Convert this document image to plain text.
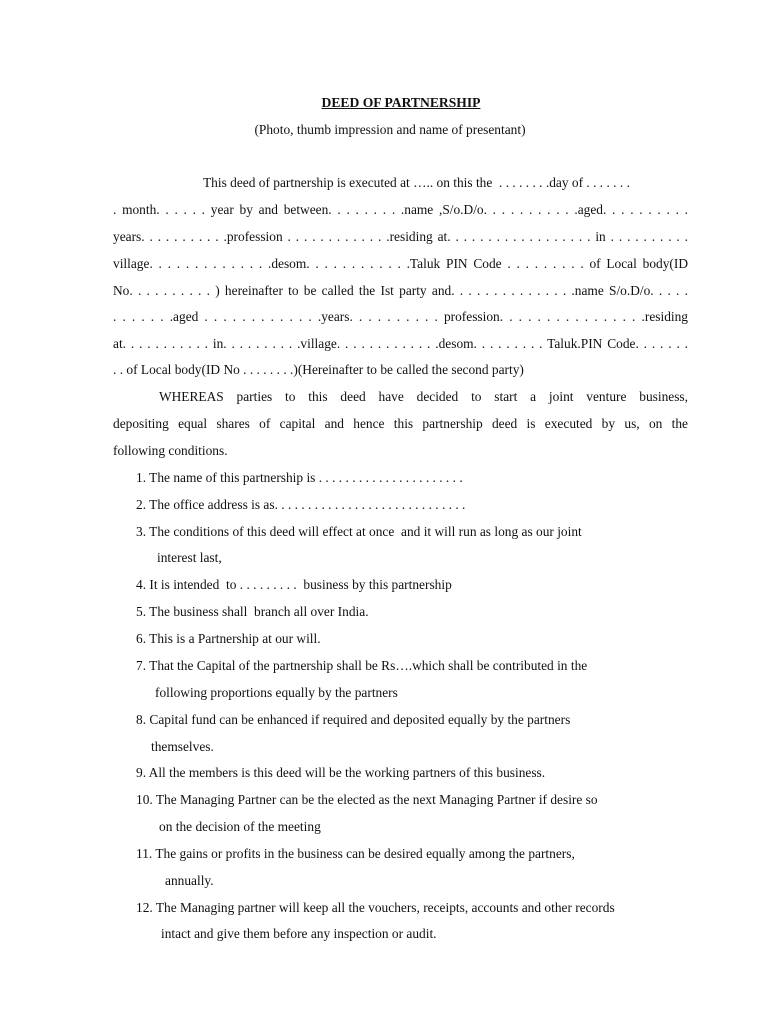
DEED OF PARTNERSHIP
(Photo, thumb impression and name of presentant)
This deed of partnership is executed at ….. on this the  . . . . . . . .day of . . . . . . .
. month. . . . . . year by and between. . . . . . . . .name ,S/o.D/o. . . . . . . . . . .aged. . . . . . . . . .
years. . . . . . . . . . .profession . . . . . . . . . . . . .residing at. . . . . . . . . . . . . . . . . . in . . . . . . . . . .
village. . . . . . . . . . . . . .desom. . . . . . . . . . . .Taluk PIN Code . . . . . . . . . of Local body(ID
No. . . . . . . . . . ) hereinafter to be called the Ist party and. . . . . . . . . . . . . . .name S/o.D/o. . . . .
. . . . . . .aged . . . . . . . . . . . . .years. . . . . . . . . . profession. . . . . . . . . . . . . . . .residing
at. . . . . . . . . . . in. . . . . . . . . .village. . . . . . . . . . . . .desom. . . . . . . . . Taluk.PIN Code. . . . . . .
. . of Local body(ID No . . . . . . . .)(Hereinafter to be called the second party)
WHEREAS parties to this deed have decided to start a joint venture business,
depositing equal shares of capital and hence this partnership deed is executed by us, on the
following conditions.
1. The name of this partnership is . . . . . . . . . . . . . . . . . . . . . .
2. The office address is as. . . . . . . . . . . . . . . . . . . . . . . . . . . . .
3. The conditions of this deed will effect at once  and it will run as long as our joint
interest last,
4. It is intended  to . . . . . . . . .  business by this partnership
5. The business shall  branch all over India.
6. This is a Partnership at our will.
7. That the Capital of the partnership shall be Rs….which shall be contributed in the
following proportions equally by the partners
8. Capital fund can be enhanced if required and deposited equally by the partners
themselves.
9. All the members is this deed will be the working partners of this business.
10. The Managing Partner can be the elected as the next Managing Partner if desire so
on the decision of the meeting
11. The gains or profits in the business can be desired equally among the partners,
annually.
12. The Managing partner will keep all the vouchers, receipts, accounts and other records
intact and give them before any inspection or audit.
